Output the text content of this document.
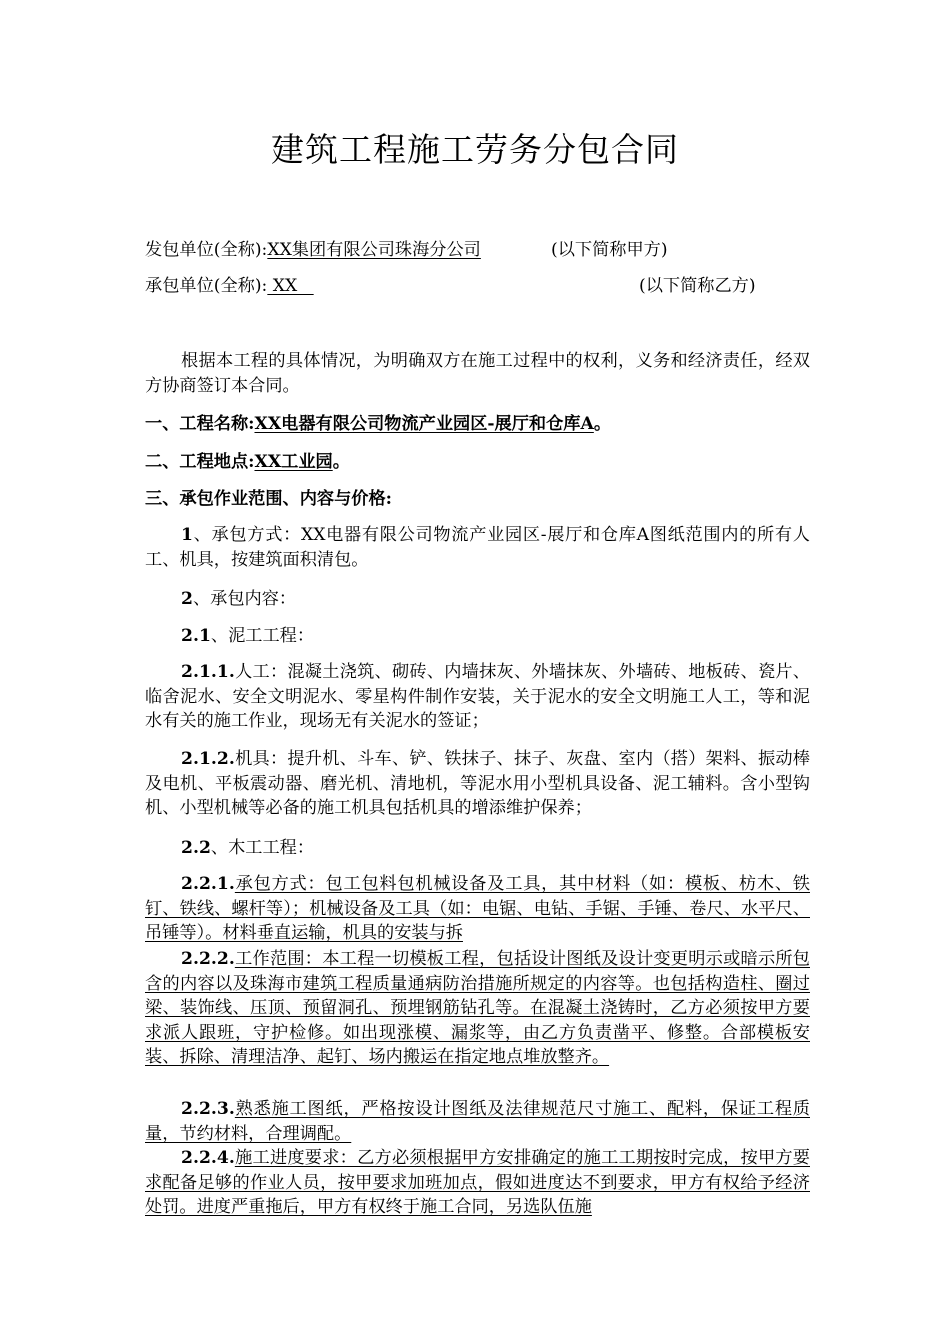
建筑工程施工劳务分包合同
发包单位(全称):XX集团有限公司珠海分公司	(以下简称甲方)
承包单位(全称): XX	(以下简称乙方)
根据本工程的具体情况，为明确双方在施工过程中的权利，义务和经济责任，经双方协商签订本合同。
一、工程名称:XX电器有限公司物流产业园区-展厅和仓库A。
二、工程地点:XX工业园。
三、承包作业范围、内容与价格:
1、承包方式：XX电器有限公司物流产业园区-展厅和仓库A图纸范围内的所有人工、机具，按建筑面积清包。
2、承包内容：
2.1、泥工工程：
2.1.1.人工：混凝土浇筑、砌砖、内墙抹灰、外墙抹灰、外墙砖、地板砖、瓷片、临舍泥水、安全文明泥水、零星构件制作安装，关于泥水的安全文明施工人工，等和泥水有关的施工作业，现场无有关泥水的签证；
2.1.2.机具：提升机、斗车、铲、铁抹子、抹子、灰盘、室内（搭）架料、振动棒及电机、平板震动器、磨光机、清地机，等泥水用小型机具设备、泥工辅料。含小型钩机、小型机械等必备的施工机具包括机具的增添维护保养；
2.2、木工工程：
2.2.1.承包方式：包工包料包机械设备及工具，其中材料（如：模板、枋木、铁钉、铁线、螺杆等）；机械设备及工具（如：电锯、电钻、手锯、手锤、卷尺、水平尺、吊锤等）。材料垂直运输，机具的安装与拆
2.2.2.工作范围：本工程一切模板工程，包括设计图纸及设计变更明示或暗示所包含的内容以及珠海市建筑工程质量通病防治措施所规定的内容等。也包括构造柱、圈过梁、装饰线、压顶、预留洞孔、预埋钢筋钻孔等。在混凝土浇铸时，乙方必须按甲方要求派人跟班，守护检修。如出现涨模、漏浆等，由乙方负责凿平、修整。合部模板安装、拆除、清理洁净、起钉、场内搬运在指定地点堆放整齐。
2.2.3.熟悉施工图纸，严格按设计图纸及法律规范尺寸施工、配料，保证工程质量，节约材料，合理调配。
2.2.4.施工进度要求：乙方必须根据甲方安排确定的施工工期按时完成，按甲方要求配备足够的作业人员，按甲要求加班加点，假如进度达不到要求，甲方有权给予经济处罚。进度严重拖后，甲方有权终于施工合同，另选队伍施
